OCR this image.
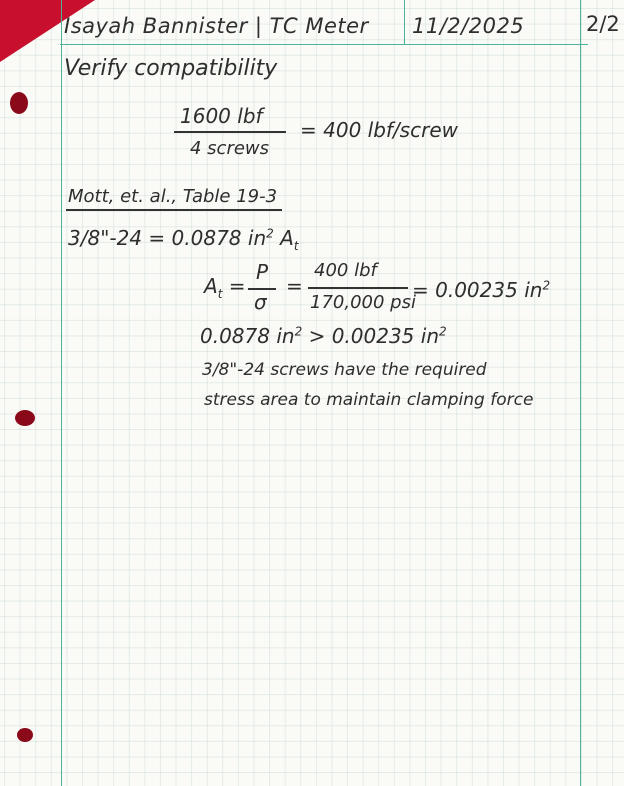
Isayah Bannister | TC Meter 11/2/2025	2/2
Verify compatibility
1600 lbf
4 screws
= 400 lbf/screw
Mott, et. al., Table 19-3
3/8"-24 = 0.0878 $in^2$ $A_t$
$A_t$ =
P
σ
=
400 lbf
170,000 psi
= 0.00235 $in^2$
0.0878 $in^2 > 0.00235$ $in^2$
3/8"-24 screws have the required
stress area to maintain clamping force
